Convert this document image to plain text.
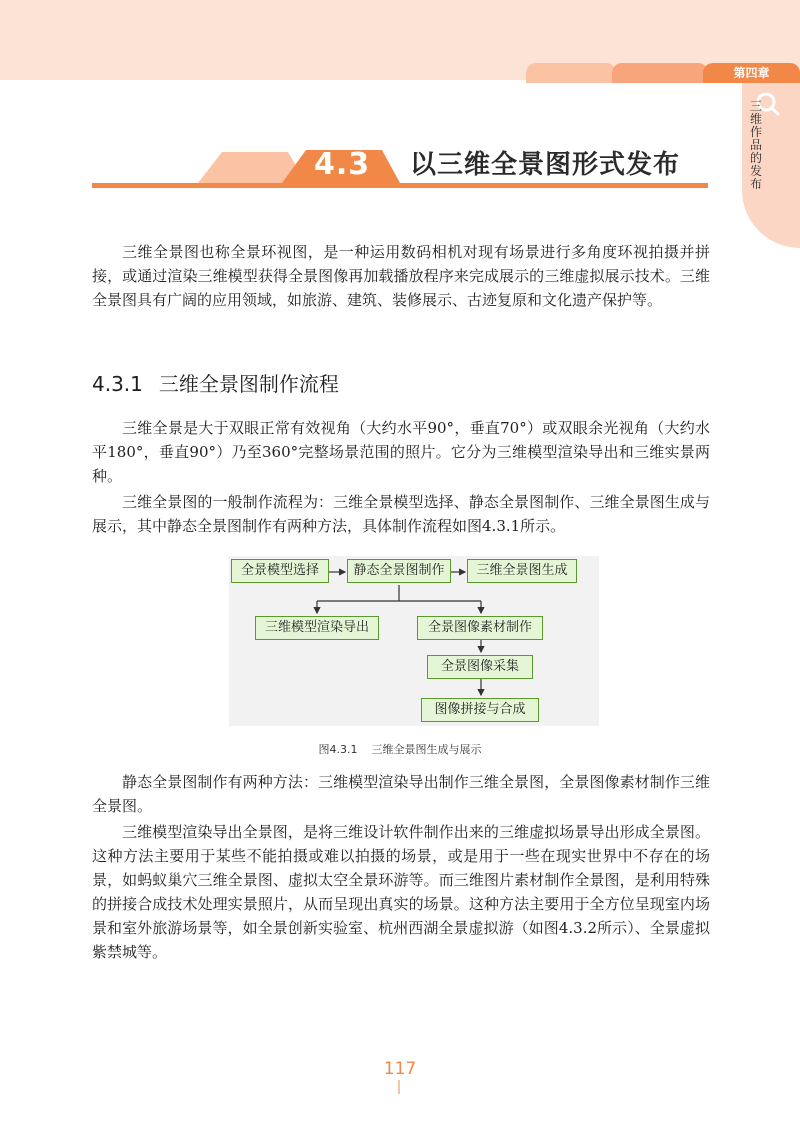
第四章
三维作品的发布
4.3 以三维全景图形式发布

三维全景图也称全景环视图，是一种运用数码相机对现有场景进行多角度环视拍摄并拼接，或通过渲染三维模型获得全景图像再加载播放程序来完成展示的三维虚拟展示技术。三维全景图具有广阔的应用领域，如旅游、建筑、装修展示、古迹复原和文化遗产保护等。

4.3.1 三维全景图制作流程

三维全景是大于双眼正常有效视角（大约水平90°，垂直70°）或双眼余光视角（大约水平180°，垂直90°）乃至360°完整场景范围的照片。它分为三维模型渲染导出和三维实景两种。

三维全景图的一般制作流程为：三维全景模型选择、静态全景图制作、三维全景图生成与展示，其中静态全景图制作有两种方法，具体制作流程如图4.3.1所示。

全景模型选择	静态全景图制作	三维全景图生成
三维模型渲染导出	全景图像素材制作
全景图像采集
图像拼接与合成
图4.3.1 三维全景图生成与展示

静态全景图制作有两种方法：三维模型渲染导出制作三维全景图，全景图像素材制作三维全景图。

三维模型渲染导出全景图，是将三维设计软件制作出来的三维虚拟场景导出形成全景图。这种方法主要用于某些不能拍摄或难以拍摄的场景，或是用于一些在现实世界中不存在的场景，如蚂蚁巢穴三维全景图、虚拟太空全景环游等。而三维图片素材制作全景图，是利用特殊的拼接合成技术处理实景照片，从而呈现出真实的场景。这种方法主要用于全方位呈现室内场景和室外旅游场景等，如全景创新实验室、杭州西湖全景虚拟游（如图4.3.2所示）、全景虚拟紫禁城等。

117
